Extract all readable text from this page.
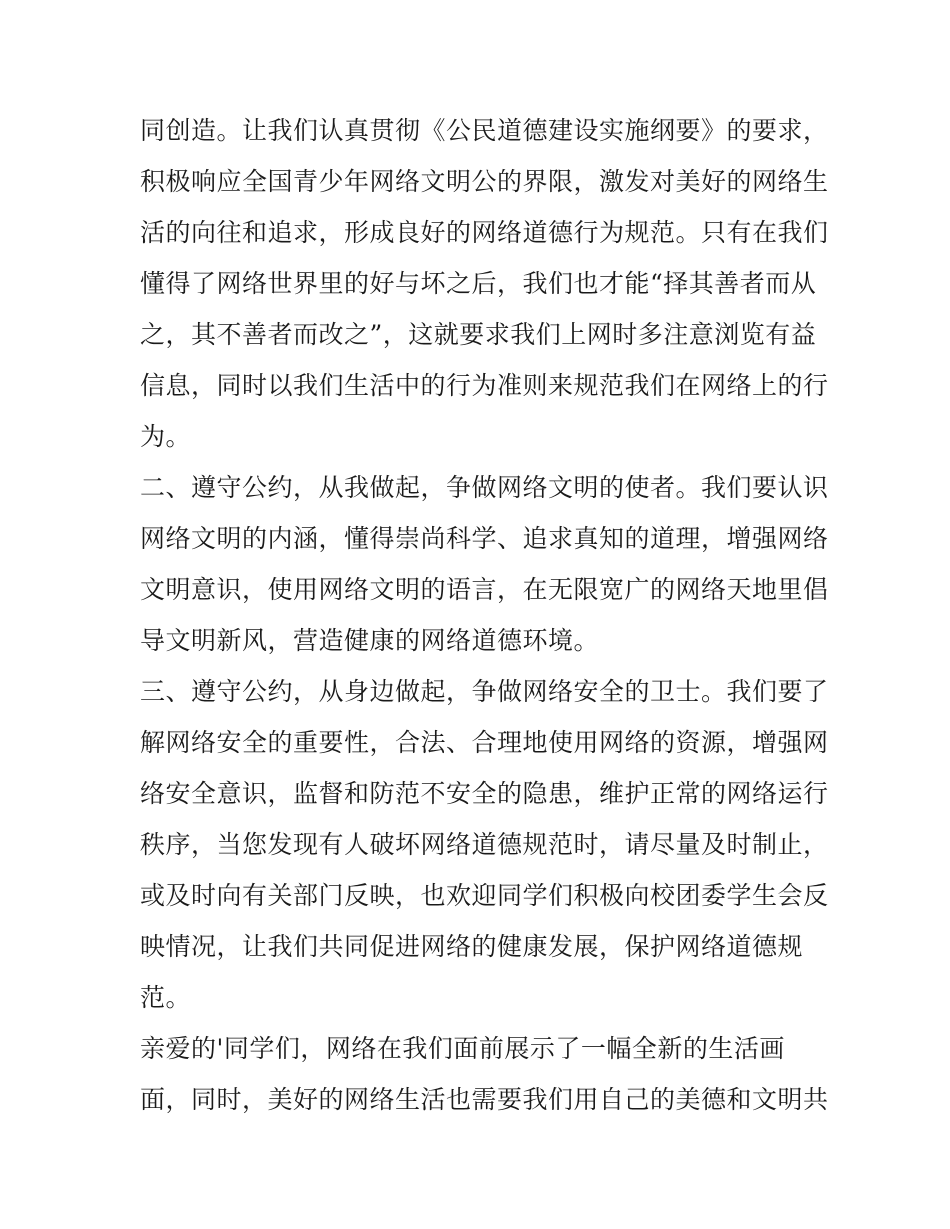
同创造。让我们认真贯彻《公民道德建设实施纲要》的要求，
积极响应全国青少年网络文明公的界限，激发对美好的网络生
活的向往和追求，形成良好的网络道德行为规范。只有在我们
懂得了网络世界里的好与坏之后，我们也才能“择其善者而从
之，其不善者而改之”，这就要求我们上网时多注意浏览有益
信息，同时以我们生活中的行为准则来规范我们在网络上的行
为。
二、遵守公约，从我做起，争做网络文明的使者。我们要认识
网络文明的内涵，懂得崇尚科学、追求真知的道理，增强网络
文明意识，使用网络文明的语言，在无限宽广的网络天地里倡
导文明新风，营造健康的网络道德环境。
三、遵守公约，从身边做起，争做网络安全的卫士。我们要了
解网络安全的重要性，合法、合理地使用网络的资源，增强网
络安全意识，监督和防范不安全的隐患，维护正常的网络运行
秩序，当您发现有人破坏网络道德规范时，请尽量及时制止，
或及时向有关部门反映，也欢迎同学们积极向校团委学生会反
映情况，让我们共同促进网络的健康发展，保护网络道德规
范。
亲爱的'同学们，网络在我们面前展示了一幅全新的生活画
面，同时，美好的网络生活也需要我们用自己的美德和文明共
